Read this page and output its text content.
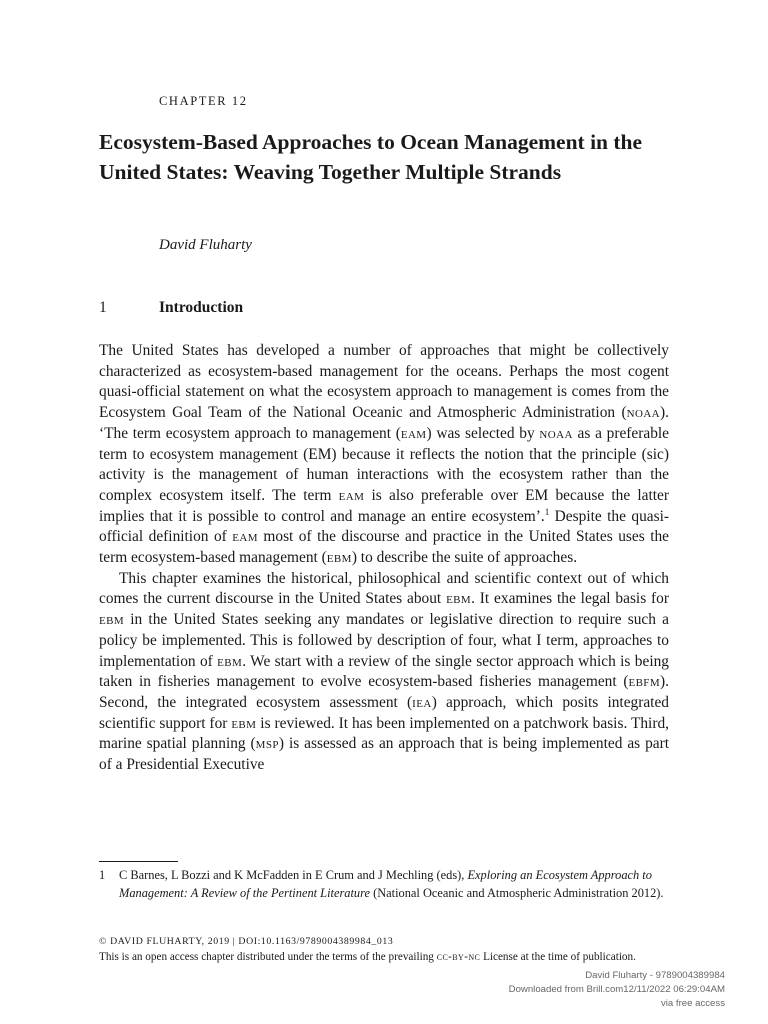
CHAPTER 12
Ecosystem-Based Approaches to Ocean Management in the United States: Weaving Together Multiple Strands
David Fluharty
1	Introduction

The United States has developed a number of approaches that might be collectively characterized as ecosystem-based management for the oceans. Perhaps the most cogent quasi-official statement on what the ecosystem approach to management is comes from the Ecosystem Goal Team of the National Oceanic and Atmospheric Administration (noaa). ‘The term ecosystem approach to management (eam) was selected by noaa as a preferable term to ecosystem management (EM) because it reflects the notion that the principle (sic) activity is the management of human interactions with the ecosystem rather than the complex ecosystem itself. The term eam is also preferable over EM because the latter implies that it is possible to control and manage an entire ecosystem’.$^1$ Despite the quasi-official definition of eam most of the discourse and practice in the United States uses the term ecosystem-based management (ebm) to describe the suite of approaches.

This chapter examines the historical, philosophical and scientific context out of which comes the current discourse in the United States about ebm. It examines the legal basis for ebm in the United States seeking any mandates or legislative direction to require such a policy be implemented. This is followed by description of four, what I term, approaches to implementation of ebm. We start with a review of the single sector approach which is being taken in fisheries management to evolve ecosystem-based fisheries management (ebfm). Second, the integrated ecosystem assessment (iea) approach, which posits integrated scientific support for ebm is reviewed. It has been implemented on a patchwork basis. Third, marine spatial planning (msp) is assessed as an approach that is being implemented as part of a Presidential Executive

1 C Barnes, L Bozzi and K McFadden in E Crum and J Mechling (eds), Exploring an Ecosystem Approach to Management: A Review of the Pertinent Literature (National Oceanic and Atmospheric Administration 2012).
© DAVID FLUHARTY, 2019 | DOI:10.1163/9789004389984_013
This is an open access chapter distributed under the terms of the prevailing cc-by-nc License at the time of publication.
David Fluharty - 9789004389984
Downloaded from Brill.com12/11/2022 06:29:04AM
via free access
